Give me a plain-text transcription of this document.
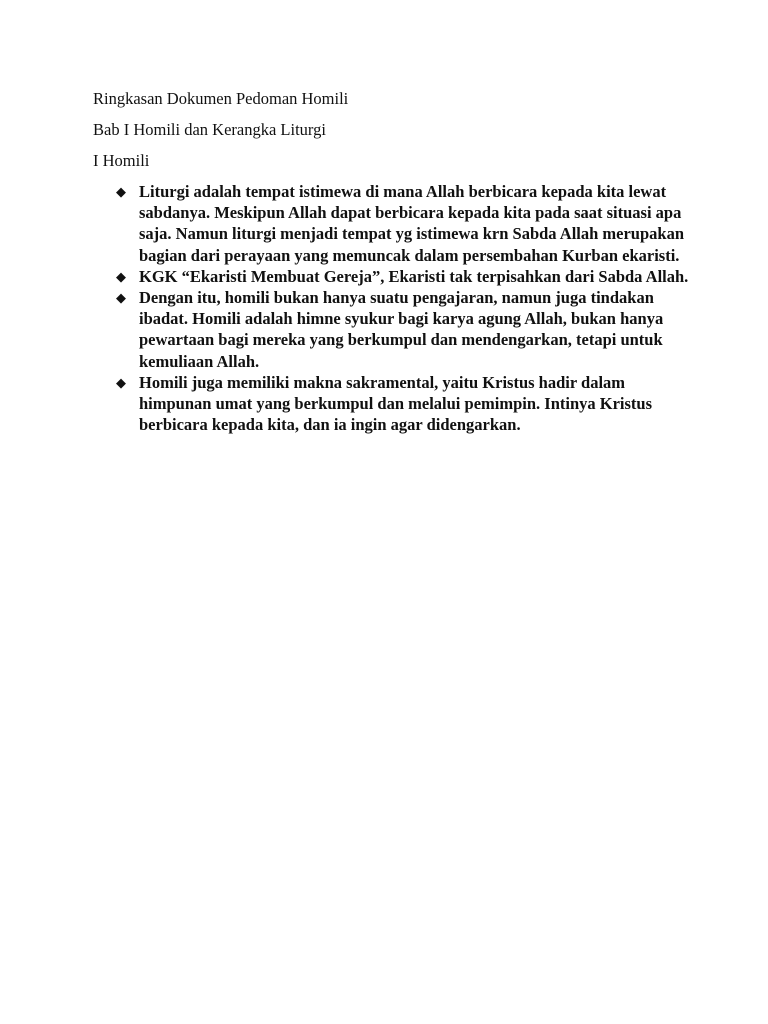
Ringkasan Dokumen Pedoman Homili
Bab I Homili dan Kerangka Liturgi
I Homili
◆ Liturgi adalah tempat istimewa di mana Allah berbicara kepada kita lewat sabdanya. Meskipun Allah dapat berbicara kepada kita pada saat situasi apa saja. Namun liturgi menjadi tempat yg istimewa krn Sabda Allah merupakan bagian dari perayaan yang memuncak dalam persembahan Kurban ekaristi.
◆ KGK “Ekaristi Membuat Gereja”, Ekaristi tak terpisahkan dari Sabda Allah.
◆ Dengan itu, homili bukan hanya suatu pengajaran, namun juga tindakan ibadat. Homili adalah himne syukur bagi karya agung Allah, bukan hanya pewartaan bagi mereka yang berkumpul dan mendengarkan, tetapi untuk kemuliaan Allah.
◆ Homili juga memiliki makna sakramental, yaitu Kristus hadir dalam himpunan umat yang berkumpul dan melalui pemimpin. Intinya Kristus berbicara kepada kita, dan ia ingin agar didengarkan.
